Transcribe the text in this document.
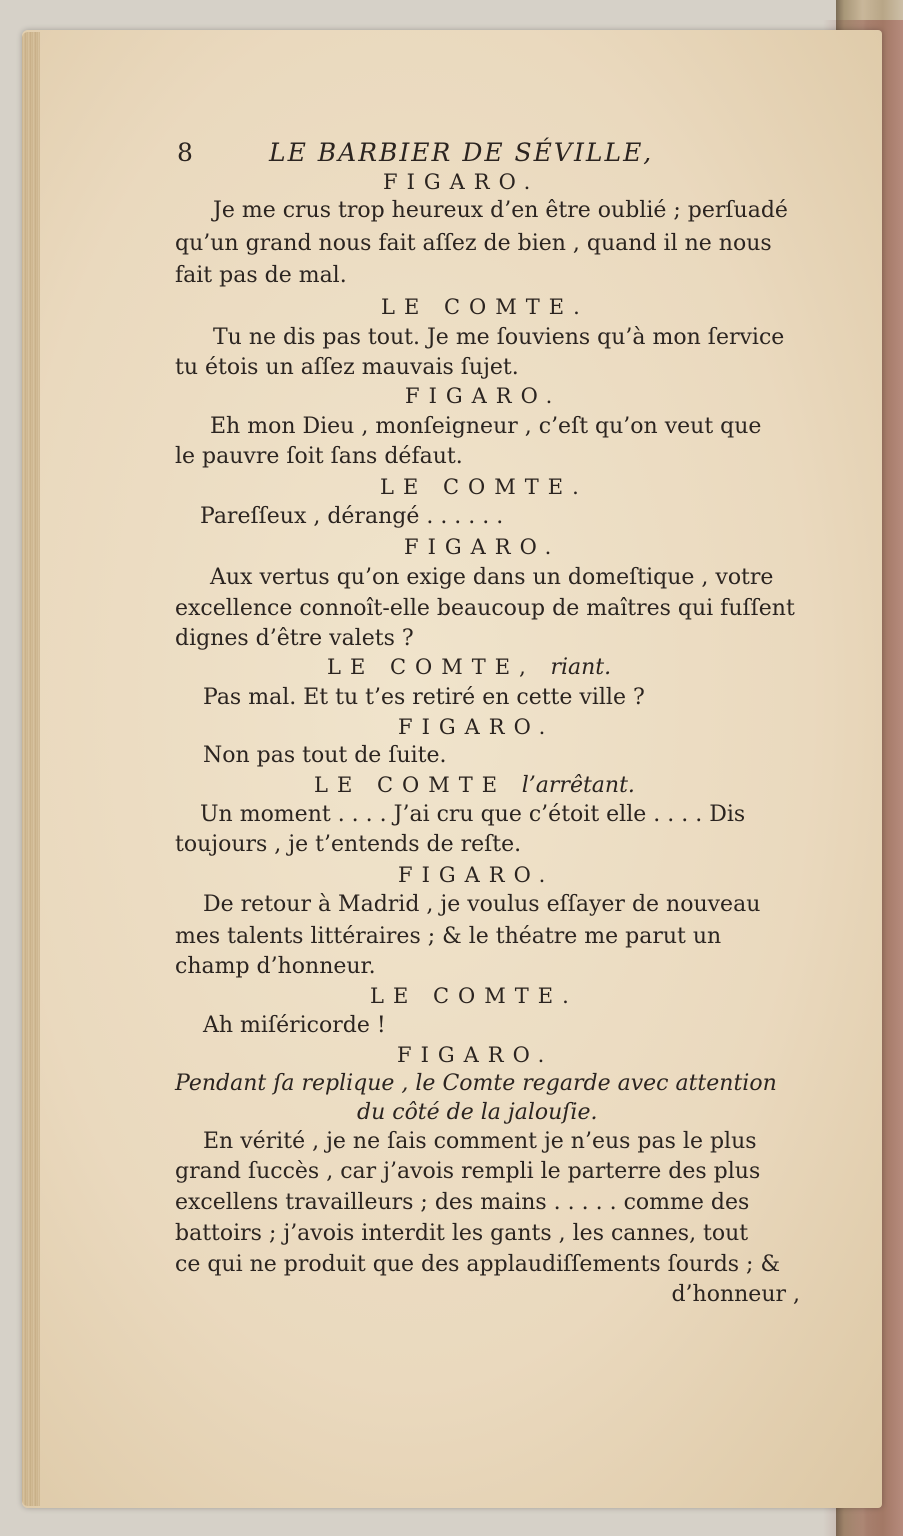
8	LE BARBIER DE SÉVILLE,
FIGARO.
Je me crus trop heureux d’en être oublié ; perſuadé
qu’un grand nous fait aſſez de bien , quand il ne nous
fait pas de mal.
LE COMTE.
Tu ne dis pas tout. Je me ſouviens qu’à mon ſervice
tu étois un aſſez mauvais ſujet.
FIGARO.
Eh mon Dieu , monſeigneur , c’eſt qu’on veut que
le pauvre ſoit ſans défaut.
LE COMTE.
Pareſſeux , dérangé . . . . . .
FIGARO.
Aux vertus qu’on exige dans un domeſtique , votre
excellence connoît-elle beaucoup de maîtres qui fuſſent
dignes d’être valets ?
LE COMTE, riant.
Pas mal. Et tu t’es retiré en cette ville ?
FIGARO.
Non pas tout de ſuite.
LE COMTE l’arrêtant.
Un moment . . . . J’ai cru que c’étoit elle . . . . Dis
toujours , je t’entends de reſte.
FIGARO.
De retour à Madrid , je voulus eſſayer de nouveau
mes talents littéraires ; & le théatre me parut un
champ d’honneur.
LE COMTE.
Ah miſéricorde !
FIGARO.
Pendant ſa replique , le Comte regarde avec attention
du côté de la jalouſie.
En vérité , je ne ſais comment je n’eus pas le plus
grand ſuccès , car j’avois rempli le parterre des plus
excellens travailleurs ; des mains . . . . . comme des
battoirs ; j’avois interdit les gants , les cannes, tout
ce qui ne produit que des applaudiſſements ſourds ; &
d’honneur ,
